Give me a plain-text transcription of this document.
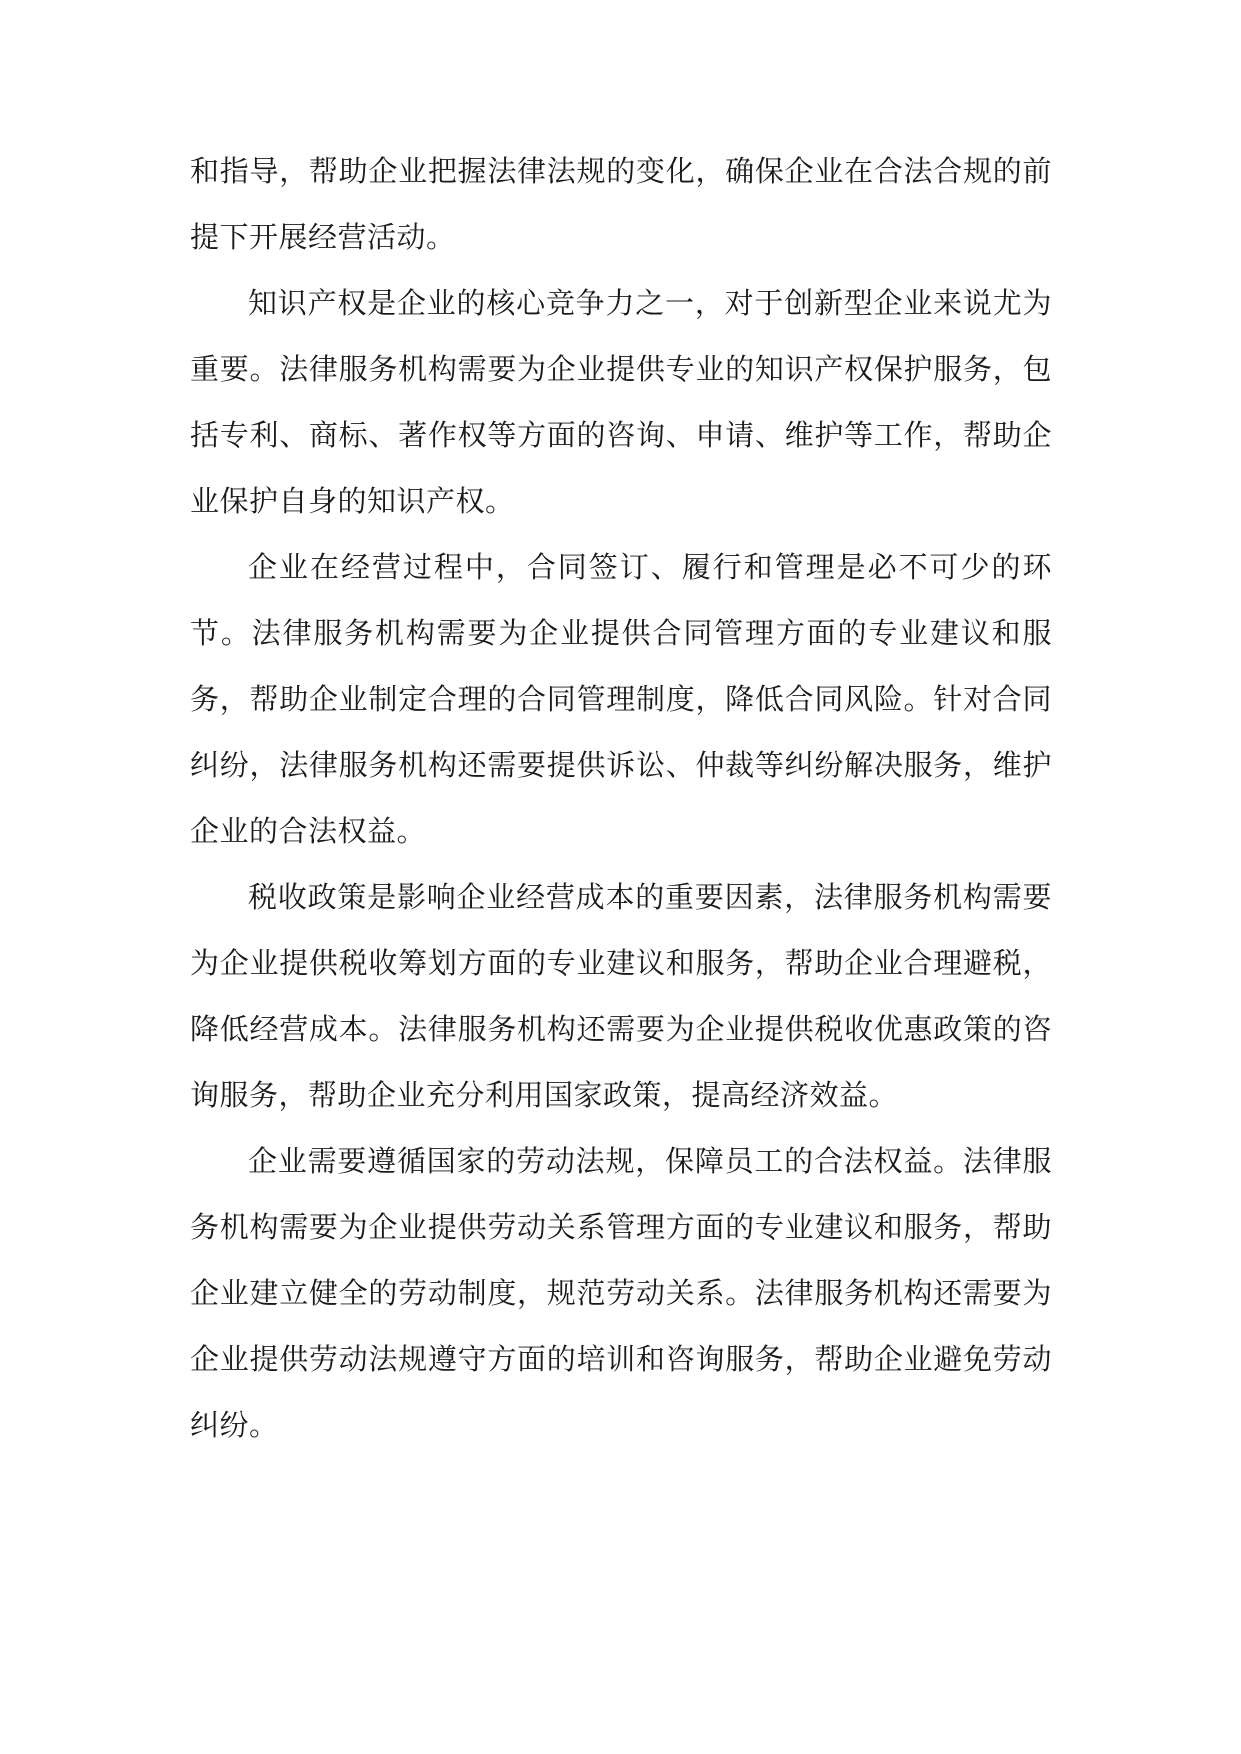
和指导，帮助企业把握法律法规的变化，确保企业在合法合规的前提下开展经营活动。

知识产权是企业的核心竞争力之一，对于创新型企业来说尤为重要。法律服务机构需要为企业提供专业的知识产权保护服务，包括专利、商标、著作权等方面的咨询、申请、维护等工作，帮助企业保护自身的知识产权。

企业在经营过程中，合同签订、履行和管理是必不可少的环节。法律服务机构需要为企业提供合同管理方面的专业建议和服务，帮助企业制定合理的合同管理制度，降低合同风险。针对合同纠纷，法律服务机构还需要提供诉讼、仲裁等纠纷解决服务，维护企业的合法权益。

税收政策是影响企业经营成本的重要因素，法律服务机构需要为企业提供税收筹划方面的专业建议和服务，帮助企业合理避税，降低经营成本。法律服务机构还需要为企业提供税收优惠政策的咨询服务，帮助企业充分利用国家政策，提高经济效益。

企业需要遵循国家的劳动法规，保障员工的合法权益。法律服务机构需要为企业提供劳动关系管理方面的专业建议和服务，帮助企业建立健全的劳动制度，规范劳动关系。法律服务机构还需要为企业提供劳动法规遵守方面的培训和咨询服务，帮助企业避免劳动纠纷。
